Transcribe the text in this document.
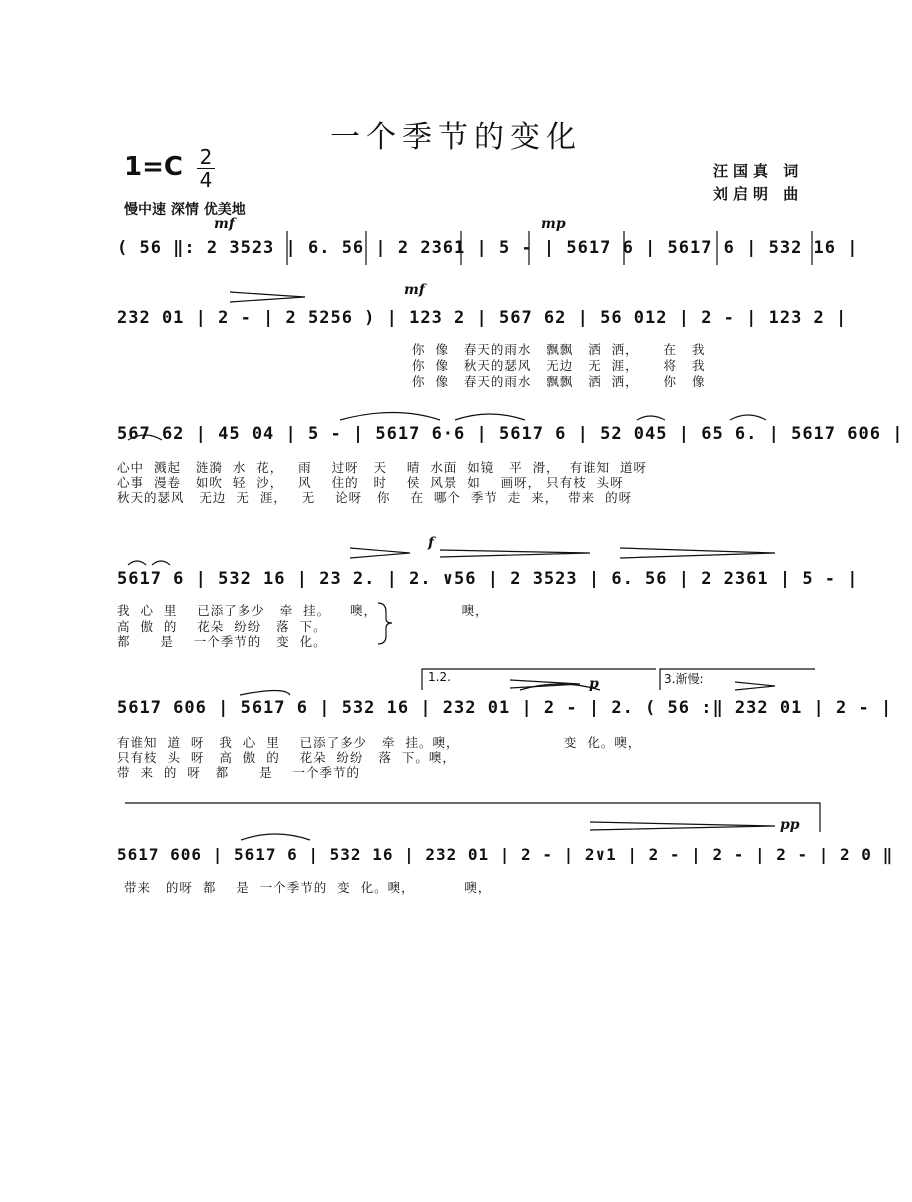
一个季节的变化
1=C 2
4
慢中速 深情 优美地
汪国真 词
刘启明 曲
mf	mp
mf
f
p
pp
1.2.	3.渐慢:
( 56 ‖: 2 3523 | 6. 56 | 2 2361 | 5 - | 5617 6 | 5617 6 | 532 16 |
232 01 | 2 - | 2 5256 ) | 123 2 | 567 62 | 56 012 | 2 - | 123 2 |
567 62 | 45 04 | 5 - | 5617 6·6 | 5617 6 | 52 045 | 65 6. | 5617 606 |
5617 6 | 532 16 | 23 2. | 2. ∨56 | 2 3523 | 6. 56 | 2 2361 | 5 - |
5617 606 | 5617 6 | 532 16 | 232 01 | 2 - | 2. ( 56 :‖ 232 01 | 2 - |
5617 606 | 5617 6 | 532 16 | 232 01 | 2 - | 2∨1 | 2 - | 2 - | 2 - | 2 0 ‖
你  像   春天的雨水   飘飘   洒  洒，     在   我
你  像   秋天的瑟风   无边   无  涯，     将   我
你  像   春天的雨水   飘飘   洒  洒，     你   像
心中  溅起   涟漪  水  花，   雨    过呀   天    晴  水面  如镜   平  滑，  有谁知  道呀
心事  漫卷   如吹  轻  沙，   风    住的   时    侯  风景  如    画呀， 只有枝  头呀
秋天的瑟风   无边  无  涯，   无    论呀   你    在  哪个  季节  走  来，  带来  的呀
我  心  里    已添了多少   牵  挂。    噢，                 噢，
高  傲  的    花朵  纷纷   落  下。
都      是    一个季节的   变  化。
有谁知  道  呀   我  心  里    已添了多少   牵  挂。噢，                     变  化。噢，
只有枝  头  呀   高  傲  的    花朵  纷纷   落  下。噢，
带  来  的  呀   都      是    一个季节的
带来   的呀  都    是  一个季节的  变  化。噢，          噢，
